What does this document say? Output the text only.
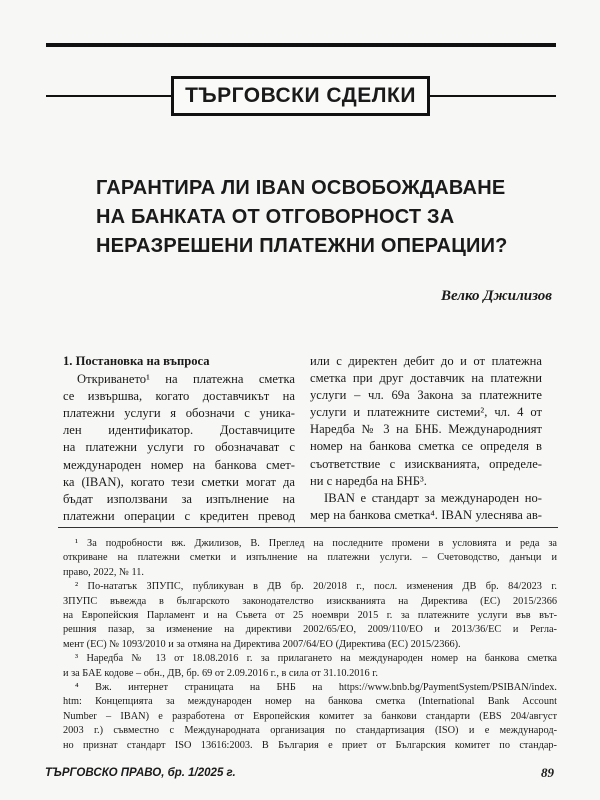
ТЪРГОВСКИ СДЕЛКИ
ГАРАНТИРА ЛИ IBAN ОСВОБОЖДАВАНЕ
НА БАНКАТА ОТ ОТГОВОРНОСТ ЗА
НЕРАЗРЕШЕНИ ПЛАТЕЖНИ ОПЕРАЦИИ?
Велко Джилизов
1. Постановка на въпроса
Откриването¹ на платежна сметка
се извършва, когато доставчикът на
платежни услуги я обозначи с уника-
лен идентификатор. Доставчиците
на платежни услуги го обозначават с
международен номер на банкова смет-
ка (IBAN), когато тези сметки могат да
бъдат използвани за изпълнение на
платежни операции с кредитен превод
или с директен дебит до и от платежна
сметка при друг доставчик на платежни
услуги – чл. 69а Закона за платежните
услуги и платежните системи², чл. 4 от
Наредба № 3 на БНБ. Международният
номер на банкова сметка се определя в
съответствие с изискванията, определе-
ни с наредба на БНБ³.
IBAN е стандарт за международен но-
мер на банкова сметка⁴. IBAN улеснява ав-
¹ За подробности вж. Джилизов, В. Преглед на последните промени в условията и реда за
откриване на платежни сметки и изпълнение на платежни услуги. – Счетоводство, данъци и
право, 2022, № 11.
² По-нататък ЗПУПС, публикуван в ДВ бр. 20/2018 г., посл. изменения ДВ бр. 84/2023 г.
ЗПУПС въвежда в българското законодателство изискванията на Директива (ЕС) 2015/2366
на Европейския Парламент и на Съвета от 25 ноември 2015 г. за платежните услуги във вът-
решния пазар, за изменение на директиви 2002/65/ЕО, 2009/110/ЕО и 2013/36/ЕС и Регла-
мент (ЕС) № 1093/2010 и за отмяна на Директива 2007/64/ЕО (Директива (ЕС) 2015/2366).
³ Наредба № 13 от 18.08.2016 г. за прилагането на международен номер на банкова сметка
и за БАЕ кодове – обн., ДВ, бр. 69 от 2.09.2016 г., в сила от 31.10.2016 г.
⁴ Вж. интернет страницата на БНБ на https://www.bnb.bg/PaymentSystem/PSIBAN/index.
htm: Концепцията за международен номер на банкова сметка (International Bank Account
Number – IBAN) е разработена от Европейския комитет за банкови стандарти (EBS 204/август
2003 г.) съвместно с Международната организация по стандартизация (ISO) и е международ-
но признат стандарт ISO 13616:2003. В България е приет от Българския комитет по стандар-
ТЪРГОВСКО ПРАВО, бр. 1/2025 г.	89
